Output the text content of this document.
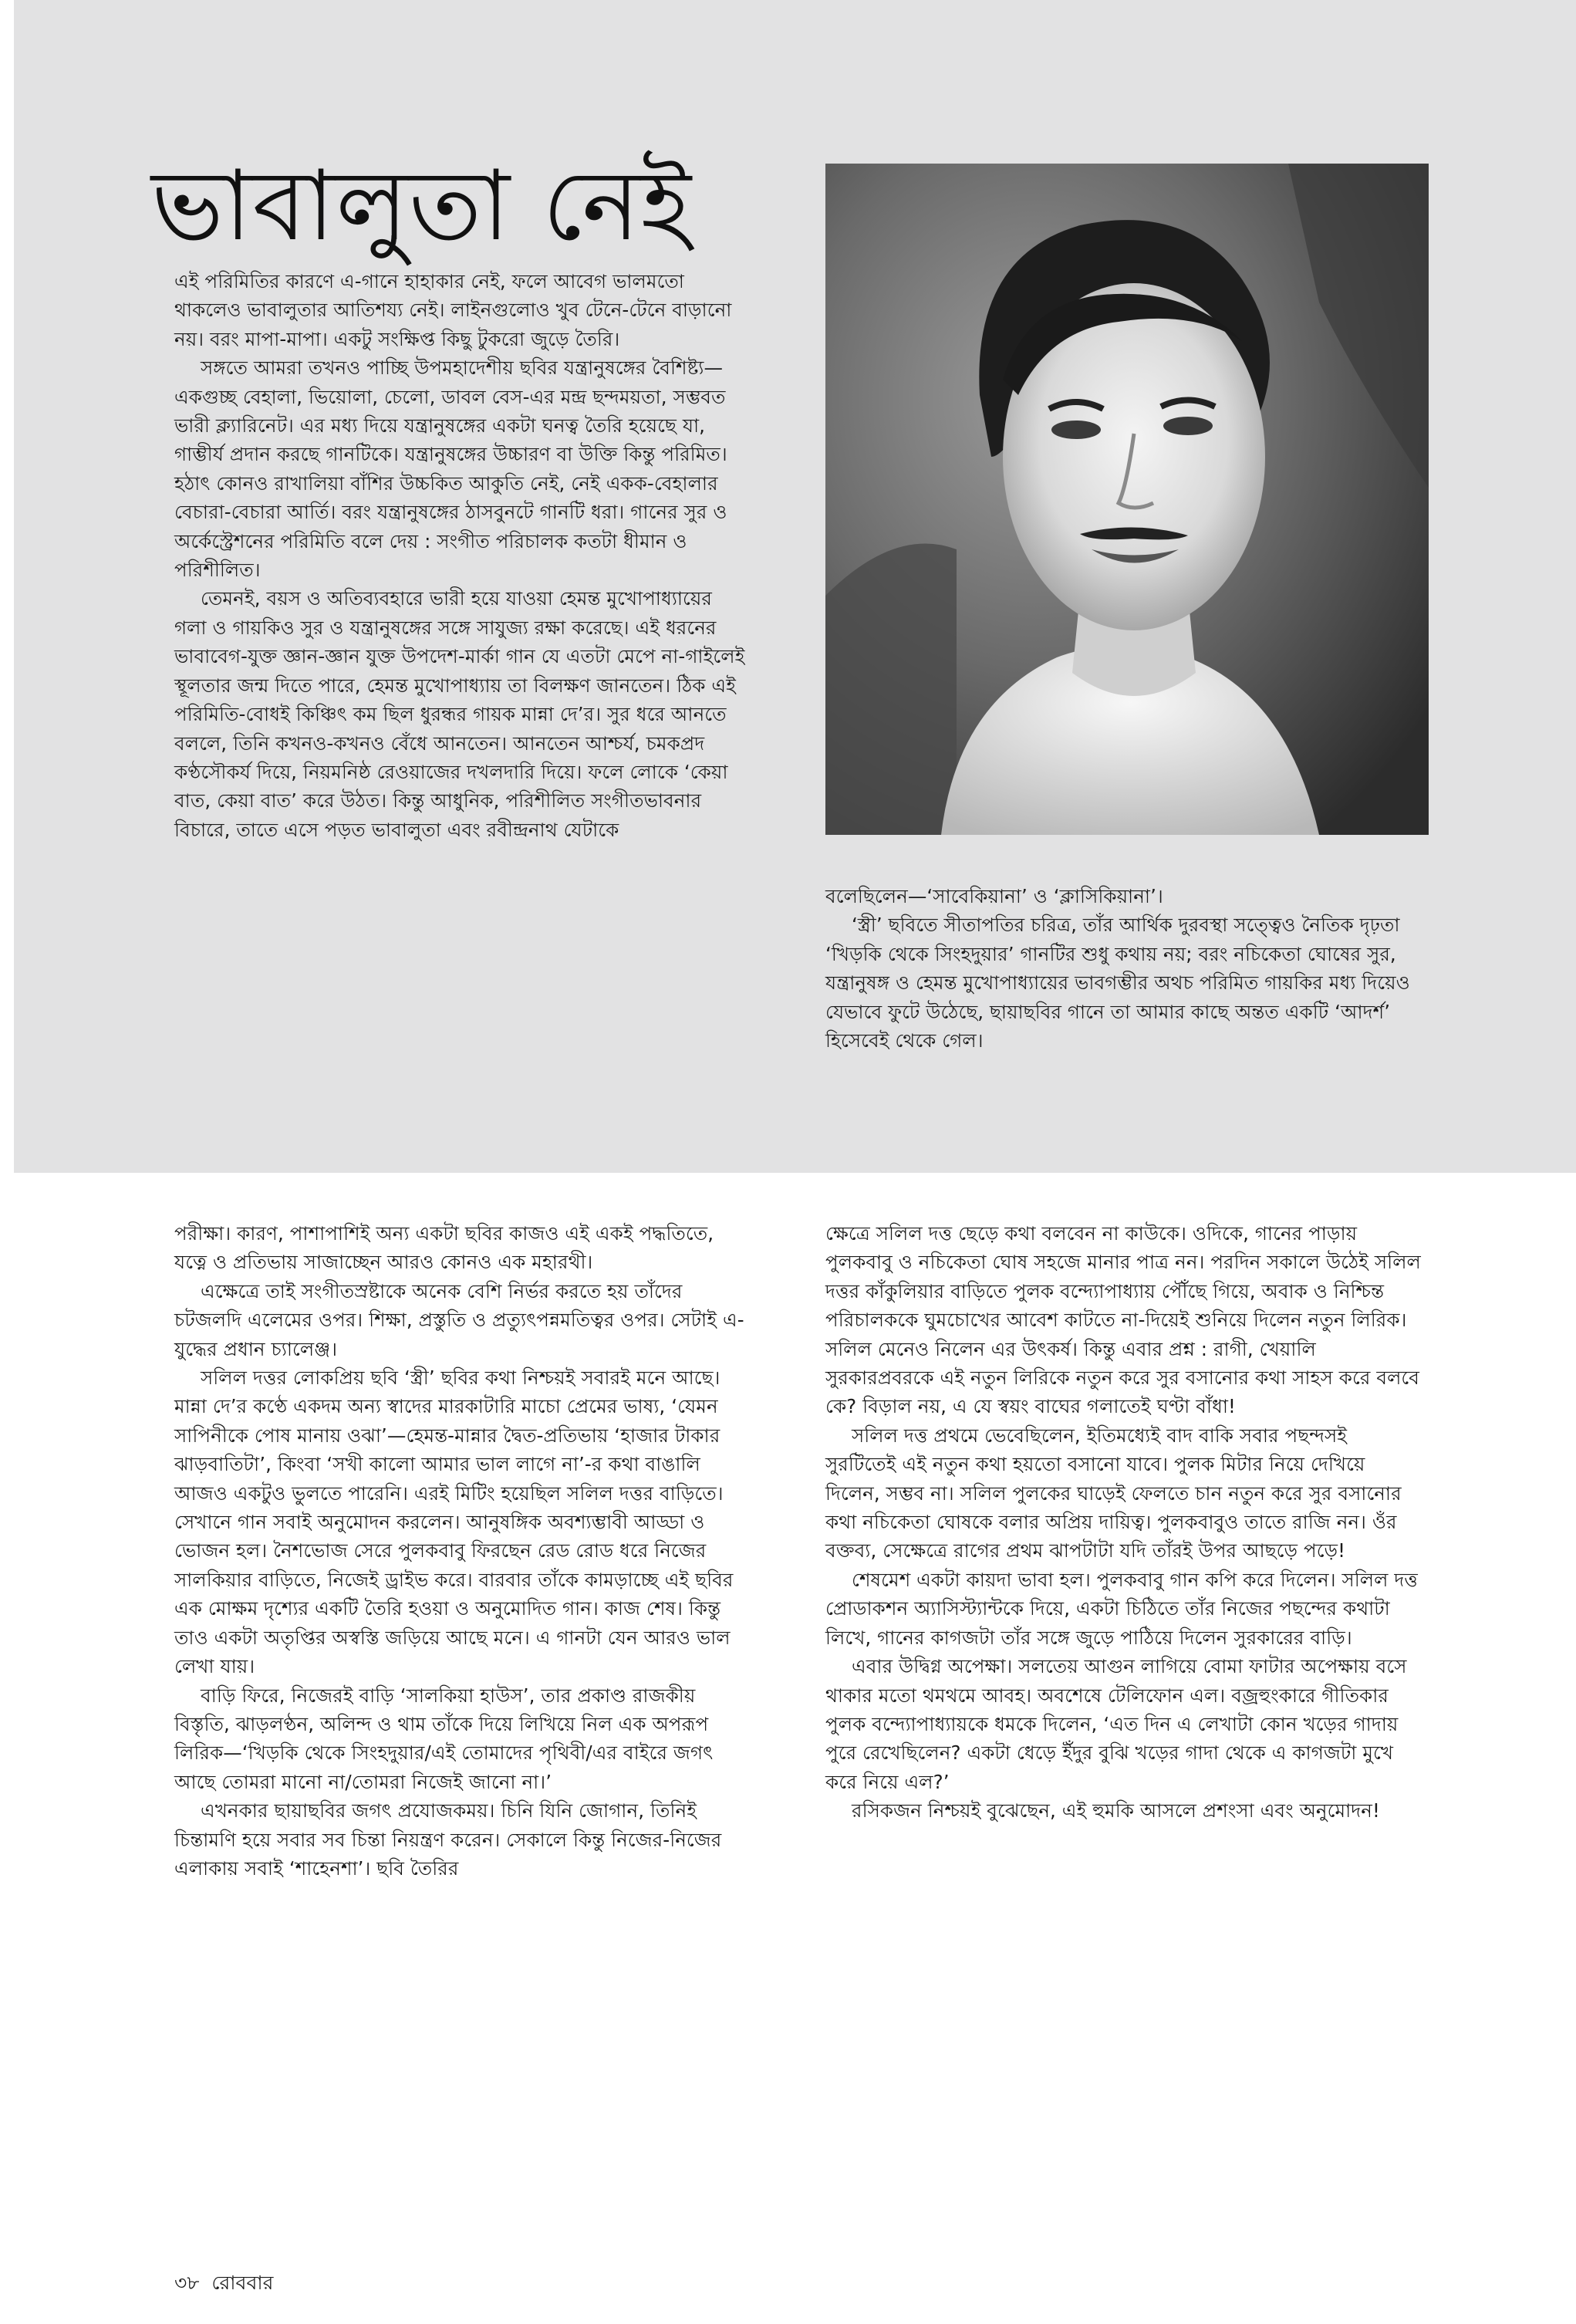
ভাবালুতা নেই

এই পরিমিতির কারণে এ-গানে হাহাকার নেই, ফলে আবেগ ভালমতো থাকলেও ভাবালুতার আতিশয্য নেই। লাইনগুলোও খুব টেনে-টেনে বাড়ানো নয়। বরং মাপা-মাপা। একটু সংক্ষিপ্ত কিছু টুকরো জুড়ে তৈরি।

সঙ্গতে আমরা তখনও পাচ্ছি উপমহাদেশীয় ছবির যন্ত্রানুষঙ্গের বৈশিষ্ট্য—একগুচ্ছ বেহালা, ভিয়োলা, চেলো, ডাবল বেস-এর মন্দ্র ছন্দময়তা, সম্ভবত ভারী ক্ল্যারিনেট। এর মধ্য দিয়ে যন্ত্রানুষঙ্গের একটা ঘনত্ব তৈরি হয়েছে যা, গাম্ভীর্য প্রদান করছে গানটিকে। যন্ত্রানুষঙ্গের উচ্চারণ বা উক্তি কিন্তু পরিমিত। হঠাৎ কোনও রাখালিয়া বাঁশির উচ্চকিত আকুতি নেই, নেই একক-বেহালার বেচারা-বেচারা আর্তি। বরং যন্ত্রানুষঙ্গের ঠাসবুনটে গানটি ধরা। গানের সুর ও অর্কেস্ট্রেশনের পরিমিতি বলে দেয় : সংগীত পরিচালক কতটা ধীমান ও পরিশীলিত।

তেমনই, বয়স ও অতিব্যবহারে ভারী হয়ে যাওয়া হেমন্ত মুখোপাধ্যায়ের গলা ও গায়কিও সুর ও যন্ত্রানুষঙ্গের সঙ্গে সাযুজ্য রক্ষা করেছে। এই ধরনের ভাবাবেগ-যুক্ত জ্ঞান-জ্ঞান যুক্ত উপদেশ-মার্কা গান যে এতটা মেপে না-গাইলেই স্থূলতার জন্ম দিতে পারে, হেমন্ত মুখোপাধ্যায় তা বিলক্ষণ জানতেন। ঠিক এই পরিমিতি-বোধই কিঞ্চিৎ কম ছিল ধুরন্ধর গায়ক মান্না দে’র। সুর ধরে আনতে বললে, তিনি কখনও-কখনও বেঁধে আনতেন। আনতেন আশ্চর্য, চমকপ্রদ কণ্ঠসৌকর্য দিয়ে, নিয়মনিষ্ঠ রেওয়াজের দখলদারি দিয়ে। ফলে লোকে ‘কেয়া বাত, কেয়া বাত’ করে উঠত। কিন্তু আধুনিক, পরিশীলিত সংগীতভাবনার বিচারে, তাতে এসে পড়ত ভাবালুতা এবং রবীন্দ্রনাথ যেটাকে

বলেছিলেন—‘সাবেকিয়ানা’ ও ‘ক্লাসিকিয়ানা’।

‘স্ত্রী’ ছবিতে সীতাপতির চরিত্র, তাঁর আর্থিক দুরবস্থা সত্ত্বেও নৈতিক দৃঢ়তা ‘খিড়কি থেকে সিংহদুয়ার’ গানটির শুধু কথায় নয়; বরং নচিকেতা ঘোষের সুর, যন্ত্রানুষঙ্গ ও হেমন্ত মুখোপাধ্যায়ের ভাবগম্ভীর অথচ পরিমিত গায়কির মধ্য দিয়েও যেভাবে ফুটে উঠেছে, ছায়াছবির গানে তা আমার কাছে অন্তত একটি ‘আদর্শ’ হিসেবেই থেকে গেল।

পরীক্ষা। কারণ, পাশাপাশিই অন্য একটা ছবির কাজও এই একই পদ্ধতিতে, যত্নে ও প্রতিভায় সাজাচ্ছেন আরও কোনও এক মহারথী।

এক্ষেত্রে তাই সংগীতস্রষ্টাকে অনেক বেশি নির্ভর করতে হয় তাঁদের চটজলদি এলেমের ওপর। শিক্ষা, প্রস্তুতি ও প্রত্যুৎপন্নমতিত্বর ওপর। সেটাই এ-যুদ্ধের প্রধান চ্যালেঞ্জ।

সলিল দত্তর লোকপ্রিয় ছবি ‘স্ত্রী’ ছবির কথা নিশ্চয়ই সবারই মনে আছে। মান্না দে’র কণ্ঠে একদম অন্য স্বাদের মারকাটারি মাচো প্রেমের ভাষ্য, ‘যেমন সাপিনীকে পোষ মানায় ওঝা’—হেমন্ত-মান্নার দ্বৈত-প্রতিভায় ‘হাজার টাকার ঝাড়বাতিটা’, কিংবা ‘সখী কালো আমার ভাল লাগে না’-র কথা বাঙালি আজও একটুও ভুলতে পারেনি। এরই মিটিং হয়েছিল সলিল দত্তর বাড়িতে। সেখানে গান সবাই অনুমোদন করলেন। আনুষঙ্গিক অবশ্যম্ভাবী আড্ডা ও ভোজন হল। নৈশভোজ সেরে পুলকবাবু ফিরছেন রেড রোড ধরে নিজের সালকিয়ার বাড়িতে, নিজেই ড্রাইভ করে। বারবার তাঁকে কামড়াচ্ছে এই ছবির এক মোক্ষম দৃশ্যের একটি তৈরি হওয়া ও অনুমোদিত গান। কাজ শেষ। কিন্তু তাও একটা অতৃপ্তির অস্বস্তি জড়িয়ে আছে মনে। এ গানটা যেন আরও ভাল লেখা যায়।

বাড়ি ফিরে, নিজেরই বাড়ি ‘সালকিয়া হাউস’, তার প্রকাণ্ড রাজকীয় বিস্তৃতি, ঝাড়লণ্ঠন, অলিন্দ ও থাম তাঁকে দিয়ে লিখিয়ে নিল এক অপরূপ লিরিক—‘খিড়কি থেকে সিংহদুয়ার/এই তোমাদের পৃথিবী/এর বাইরে জগৎ আছে তোমরা মানো না/তোমরা নিজেই জানো না।’

এখনকার ছায়াছবির জগৎ প্রযোজকময়। চিনি যিনি জোগান, তিনিই চিন্তামণি হয়ে সবার সব চিন্তা নিয়ন্ত্রণ করেন। সেকালে কিন্তু নিজের-নিজের এলাকায় সবাই ‘শাহেনশা’। ছবি তৈরির

ক্ষেত্রে সলিল দত্ত ছেড়ে কথা বলবেন না কাউকে। ওদিকে, গানের পাড়ায় পুলকবাবু ও নচিকেতা ঘোষ সহজে মানার পাত্র নন। পরদিন সকালে উঠেই সলিল দত্তর কাঁকুলিয়ার বাড়িতে পুলক বন্দ্যোপাধ্যায় পৌঁছে গিয়ে, অবাক ও নিশ্চিন্ত পরিচালককে ঘুমচোখের আবেশ কাটতে না-দিয়েই শুনিয়ে দিলেন নতুন লিরিক। সলিল মেনেও নিলেন এর উৎকর্ষ। কিন্তু এবার প্রশ্ন : রাগী, খেয়ালি সুরকারপ্রবরকে এই নতুন লিরিকে নতুন করে সুর বসানোর কথা সাহস করে বলবে কে? বিড়াল নয়, এ যে স্বয়ং বাঘের গলাতেই ঘণ্টা বাঁধা!

সলিল দত্ত প্রথমে ভেবেছিলেন, ইতিমধ্যেই বাদ বাকি সবার পছন্দসই সুরটিতেই এই নতুন কথা হয়তো বসানো যাবে। পুলক মিটার নিয়ে দেখিয়ে দিলেন, সম্ভব না। সলিল পুলকের ঘাড়েই ফেলতে চান নতুন করে সুর বসানোর কথা নচিকেতা ঘোষকে বলার অপ্রিয় দায়িত্ব। পুলকবাবুও তাতে রাজি নন। ওঁর বক্তব্য, সেক্ষেত্রে রাগের প্রথম ঝাপটাটা যদি তাঁরই উপর আছড়ে পড়ে!

শেষমেশ একটা কায়দা ভাবা হল। পুলকবাবু গান কপি করে দিলেন। সলিল দত্ত প্রোডাকশন অ্যাসিস্ট্যান্টকে দিয়ে, একটা চিঠিতে তাঁর নিজের পছন্দের কথাটা লিখে, গানের কাগজটা তাঁর সঙ্গে জুড়ে পাঠিয়ে দিলেন সুরকারের বাড়ি।

এবার উদ্বিগ্ন অপেক্ষা। সলতেয় আগুন লাগিয়ে বোমা ফাটার অপেক্ষায় বসে থাকার মতো থমথমে আবহ। অবশেষে টেলিফোন এল। বজ্রহুংকারে গীতিকার পুলক বন্দ্যোপাধ্যায়কে ধমকে দিলেন, ‘এত দিন এ লেখাটা কোন খড়ের গাদায় পুরে রেখেছিলেন? একটা ধেড়ে ইঁদুর বুঝি খড়ের গাদা থেকে এ কাগজটা মুখে করে নিয়ে এল?’

রসিকজন নিশ্চয়ই বুঝেছেন, এই হুমকি আসলে প্রশংসা এবং অনুমোদন!

৩৮ রোববার
